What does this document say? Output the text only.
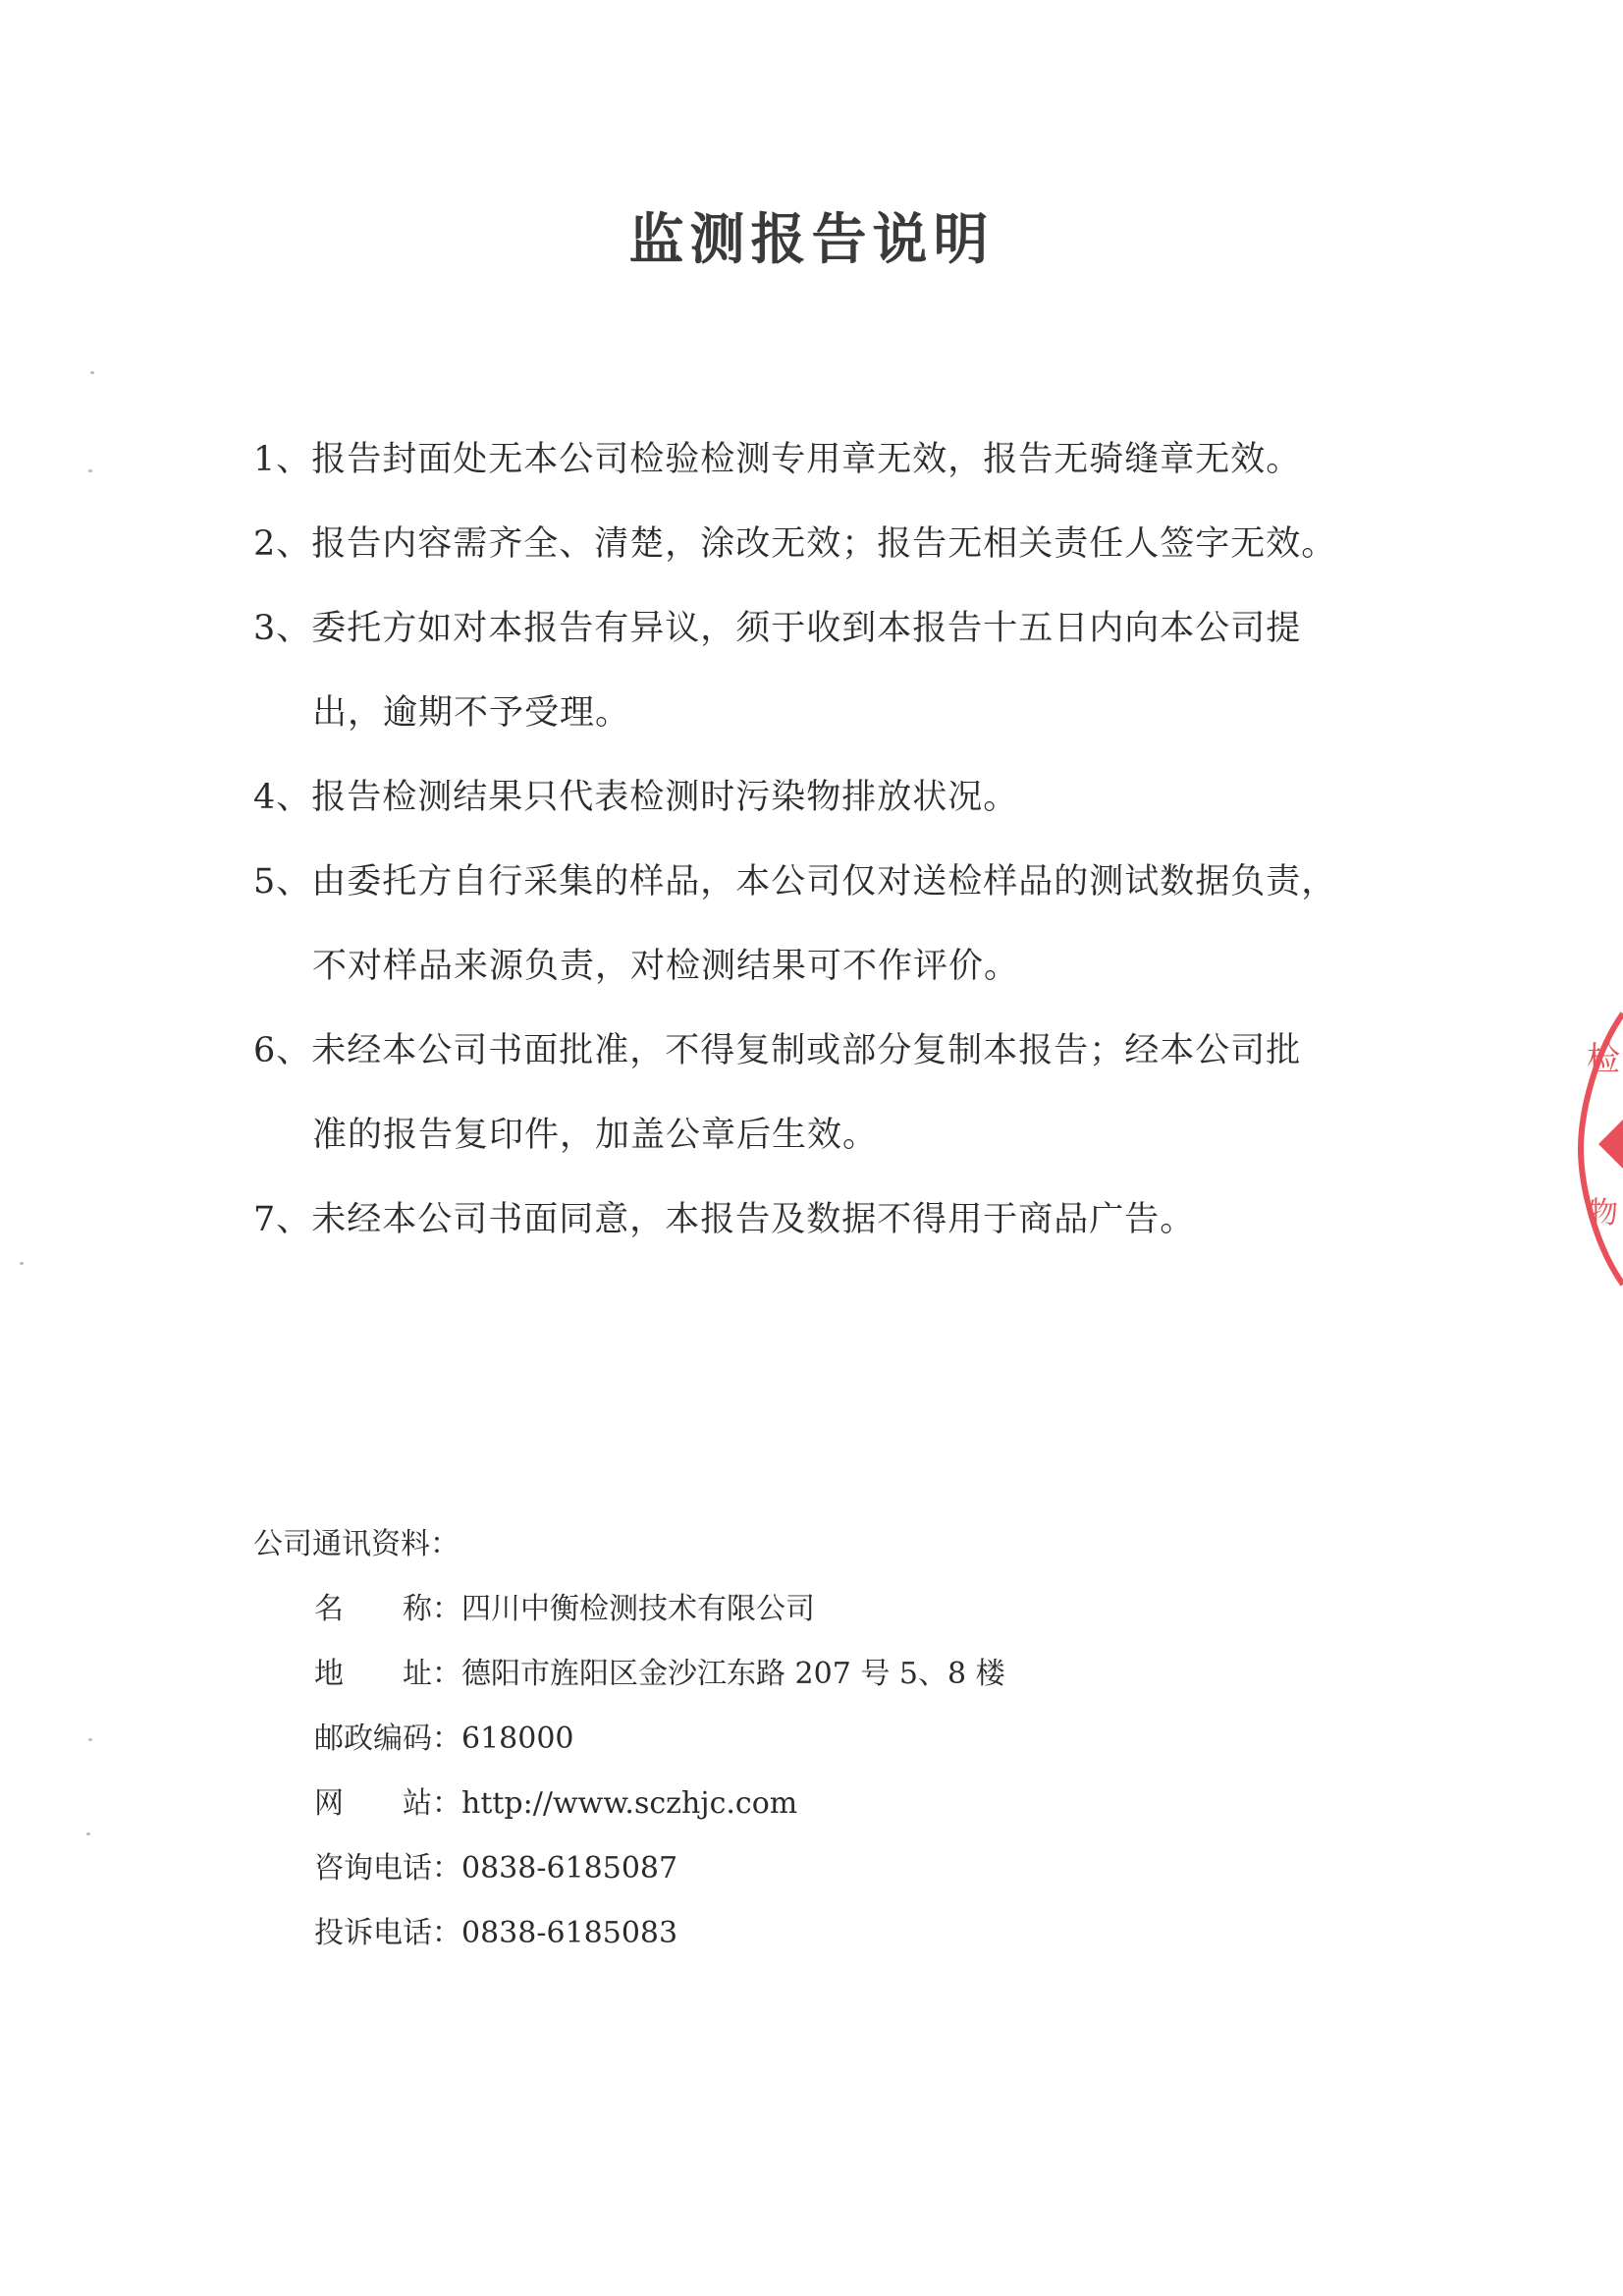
监测报告说明

1、报告封面处无本公司检验检测专用章无效，报告无骑缝章无效。

2、报告内容需齐全、清楚，涂改无效；报告无相关责任人签字无效。

3、委托方如对本报告有异议，须于收到本报告十五日内向本公司提
出，逾期不予受理。

4、报告检测结果只代表检测时污染物排放状况。

5、由委托方自行采集的样品，本公司仅对送检样品的测试数据负责，
不对样品来源负责，对检测结果可不作评价。

6、未经本公司书面批准，不得复制或部分复制本报告；经本公司批
准的报告复印件，加盖公章后生效。

7、未经本公司书面同意，本报告及数据不得用于商品广告。

公司通讯资料：

名　　称：四川中衡检测技术有限公司

地　　址：德阳市旌阳区金沙江东路 207 号 5、8 楼

邮政编码：618000

网　　站：http://www.sczhjc.com

咨询电话：0838-6185087

投诉电话：0838-6185083

检
物
